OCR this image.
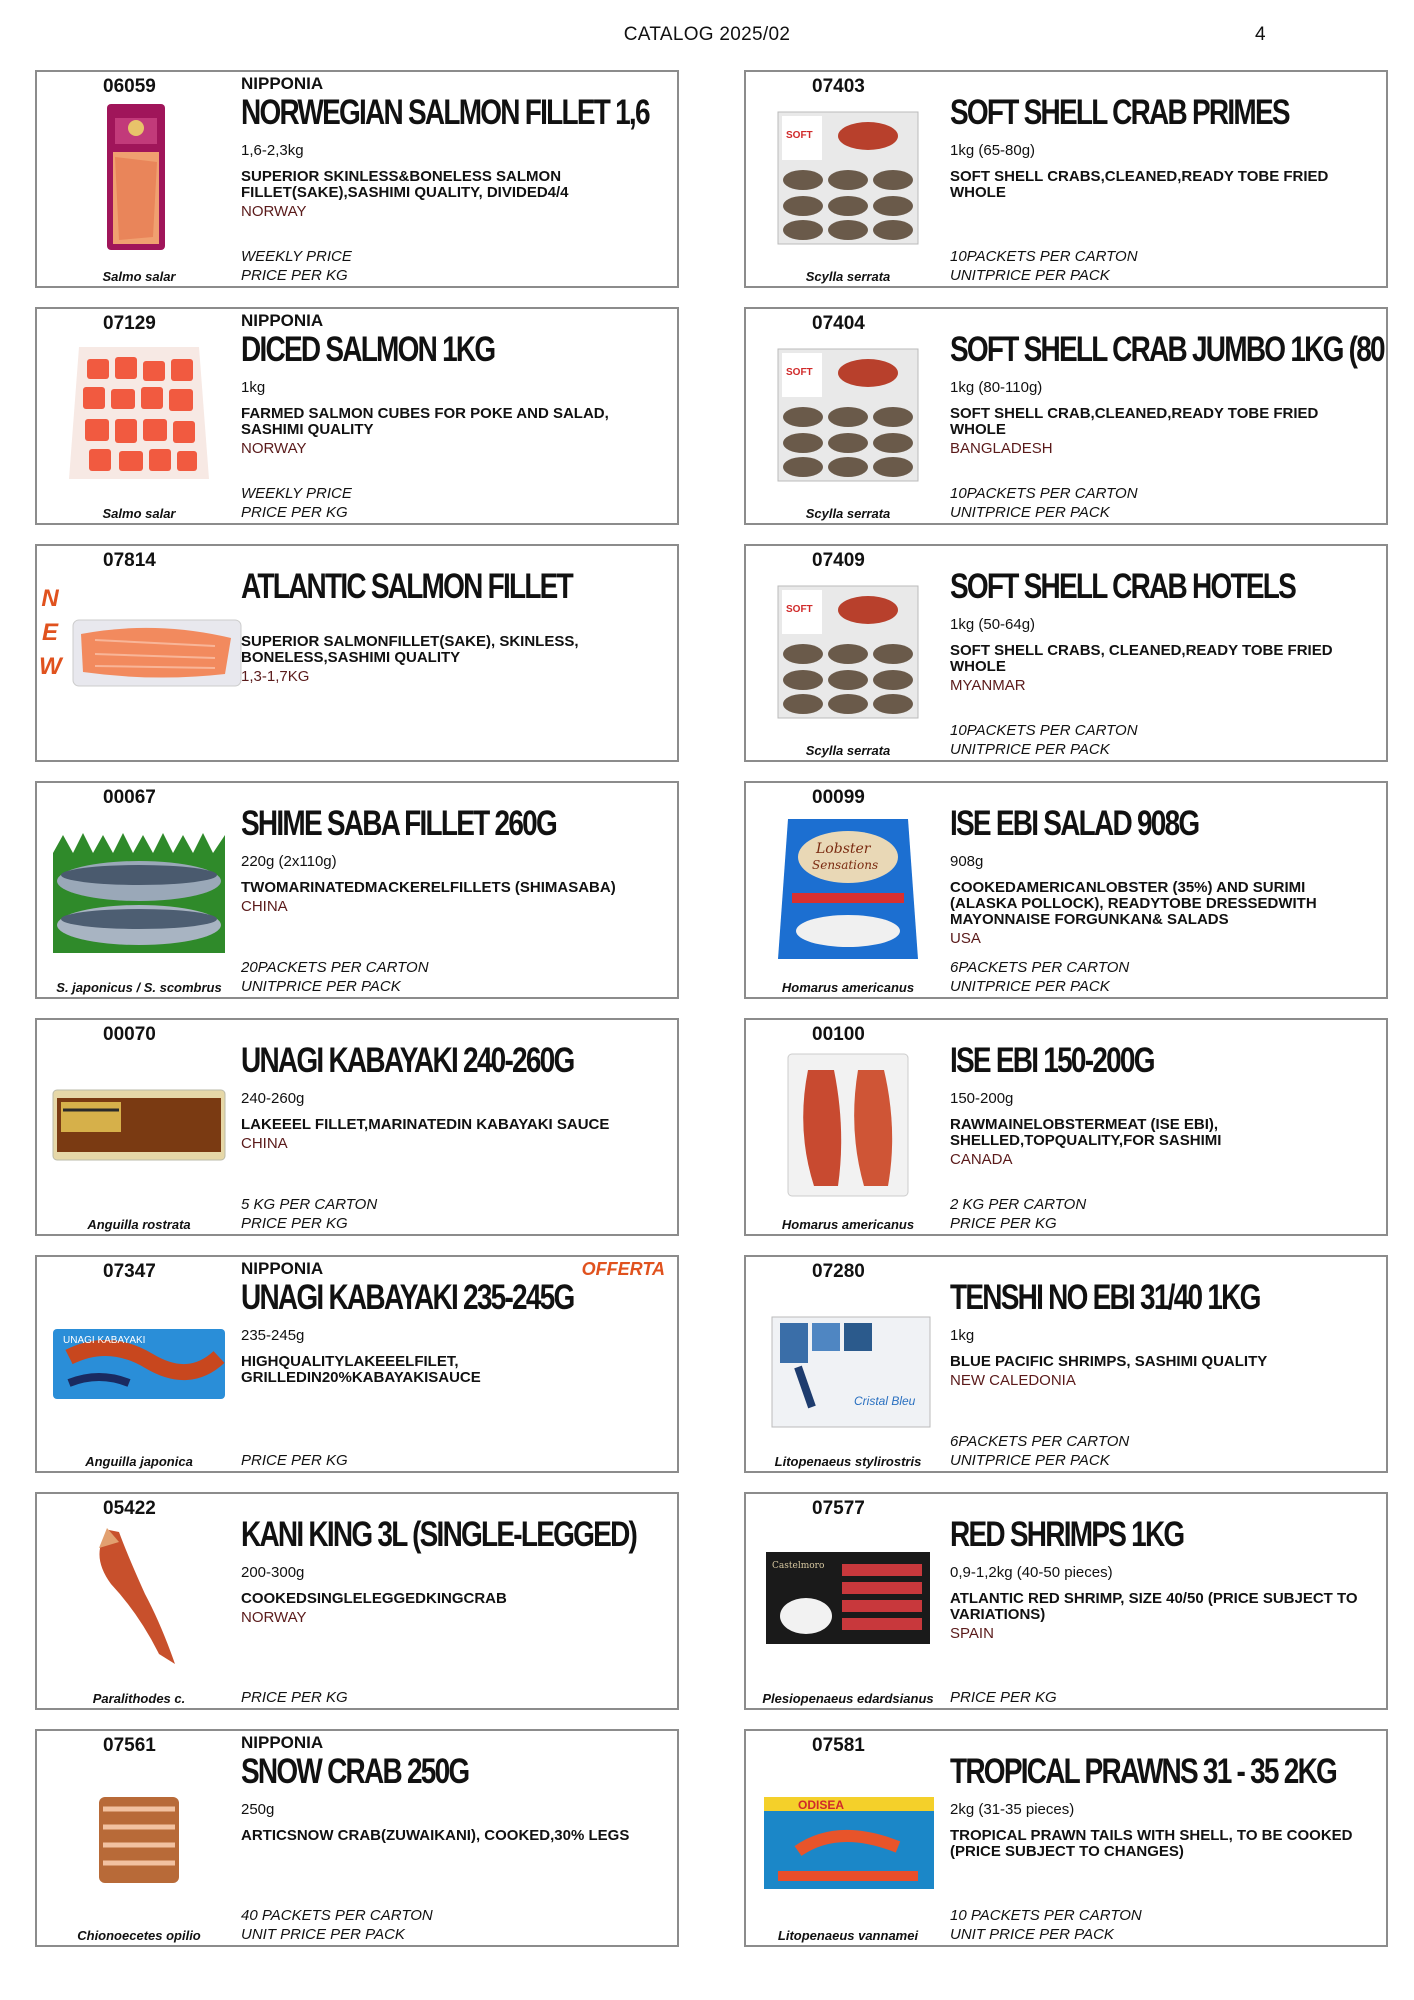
CATALOG 2025/02	4
06059
Salmo salar
NIPPONIA
NORWEGIAN SALMON FILLET 1,6
1,6-2,3kg
SUPERIOR SKINLESS&BONELESS SALMON FILLET(SAKE),SASHIMI QUALITY, DIVIDED4/4
NORWAY
WEEKLY PRICE
PRICE PER KG
07403
SOFT
Scylla serrata
SOFT SHELL CRAB PRIMES
1kg (65-80g)
SOFT SHELL CRABS,CLEANED,READY TOBE FRIED WHOLE
10PACKETS PER CARTON
UNITPRICE PER PACK
07129
Salmo salar
NIPPONIA
DICED SALMON 1KG
1kg
FARMED SALMON CUBES FOR POKE AND SALAD, SASHIMI QUALITY
NORWAY
WEEKLY PRICE
PRICE PER KG
07404
SOFT
Scylla serrata
SOFT SHELL CRAB JUMBO 1KG (80
1kg (80-110g)
SOFT SHELL CRAB,CLEANED,READY TOBE FRIED WHOLE
BANGLADESH
10PACKETS PER CARTON
UNITPRICE PER PACK
07814
ATLANTIC SALMON FILLET
SUPERIOR SALMONFILLET(SAKE), SKINLESS, BONELESS,SASHIMI QUALITY
1,3-1,7KG
N
E
W
07409
SOFT
Scylla serrata
SOFT SHELL CRAB HOTELS
1kg (50-64g)
SOFT SHELL CRABS, CLEANED,READY TOBE FRIED WHOLE
MYANMAR
10PACKETS PER CARTON
UNITPRICE PER PACK
00067
S. japonicus / S. scombrus
SHIME SABA FILLET 260G
220g (2x110g)
TWOMARINATEDMACKERELFILLETS (SHIMASABA)
CHINA
20PACKETS PER CARTON
UNITPRICE PER PACK
00099
Lobster
Sensations
Homarus americanus
ISE EBI SALAD 908G
908g
COOKEDAMERICANLOBSTER (35%) AND SURIMI (ALASKA POLLOCK), READYTOBE DRESSEDWITH MAYONNAISE FORGUNKAN& SALADS
USA
6PACKETS PER CARTON
UNITPRICE PER PACK
00070
Anguilla rostrata
UNAGI KABAYAKI 240-260G
240-260g
LAKEEEL FILLET,MARINATEDIN KABAYAKI SAUCE
CHINA
5 KG PER CARTON
PRICE PER KG
00100
Homarus americanus
ISE EBI 150-200G
150-200g
RAWMAINELOBSTERMEAT (ISE EBI), SHELLED,TOPQUALITY,FOR SASHIMI
CANADA
2 KG PER CARTON
PRICE PER KG
07347
UNAGI KABAYAKI
Anguilla japonica
NIPPONIA
UNAGI KABAYAKI 235-245G
235-245g
HIGHQUALITYLAKEEELFILET, GRILLEDIN20%KABAYAKISAUCE
PRICE PER KG
OFFERTA	07280
Cristal Bleu
Litopenaeus stylirostris
TENSHI NO EBI 31/40 1KG
1kg
BLUE PACIFIC SHRIMPS, SASHIMI QUALITY
NEW CALEDONIA
6PACKETS PER CARTON
UNITPRICE PER PACK
05422
Paralithodes c.
KANI KING 3L (SINGLE-LEGGED)
200-300g
COOKEDSINGLELEGGEDKINGCRAB
NORWAY
PRICE PER KG
07577
Castelmoro
Plesiopenaeus edardsianus
RED SHRIMPS 1KG
0,9-1,2kg (40-50 pieces)
ATLANTIC RED SHRIMP, SIZE 40/50 (PRICE SUBJECT TO VARIATIONS)
SPAIN
PRICE PER KG
07561
Chionoecetes opilio
NIPPONIA
SNOW CRAB 250G
250g
ARTICSNOW CRAB(ZUWAIKANI), COOKED,30% LEGS
40 PACKETS PER CARTON
UNIT PRICE PER PACK
07581
ODISEA
Litopenaeus vannamei
TROPICAL PRAWNS 31 - 35 2KG
2kg (31-35 pieces)
TROPICAL PRAWN TAILS WITH SHELL, TO BE COOKED (PRICE SUBJECT TO CHANGES)
10 PACKETS PER CARTON
UNIT PRICE PER PACK
